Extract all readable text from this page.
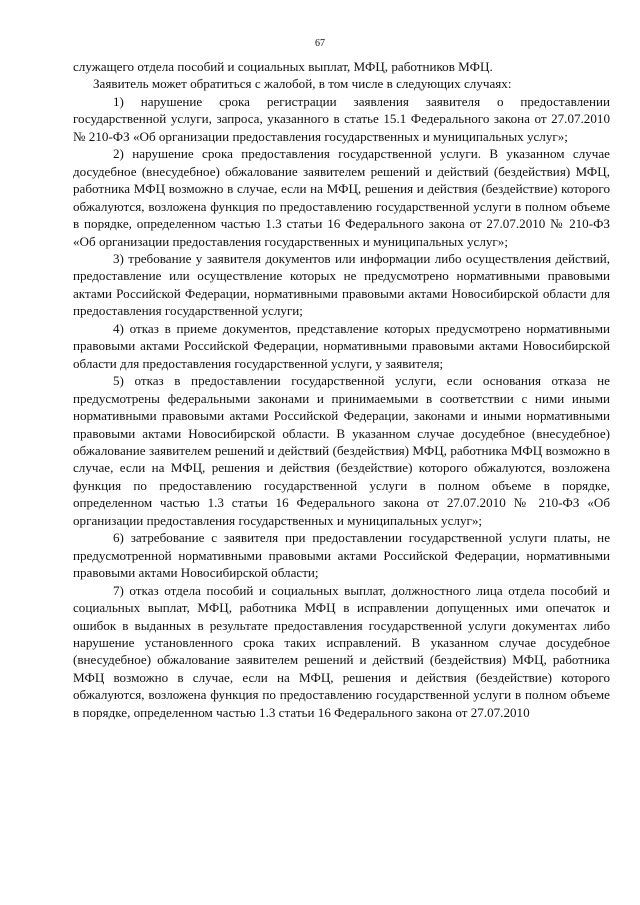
67

служащего отдела пособий и социальных выплат, МФЦ, работников МФЦ.

Заявитель может обратиться с жалобой, в том числе в следующих случаях:

1) нарушение срока регистрации заявления заявителя о предоставлении государственной услуги, запроса, указанного в статье 15.1 Федерального закона от 27.07.2010 № 210-ФЗ «Об организации предоставления государственных и муниципальных услуг»;

2) нарушение срока предоставления государственной услуги. В указанном случае досудебное (внесудебное) обжалование заявителем решений и действий (бездействия) МФЦ, работника МФЦ возможно в случае, если на МФЦ, решения и действия (бездействие) которого обжалуются, возложена функция по предоставлению государственной услуги в полном объеме в порядке, определенном частью 1.3 статьи 16 Федерального закона от 27.07.2010 № 210-ФЗ «Об организации предоставления государственных и муниципальных услуг»;

3) требование у заявителя документов или информации либо осуществления действий, предоставление или осуществление которых не предусмотрено нормативными правовыми актами Российской Федерации, нормативными правовыми актами Новосибирской области для предоставления государственной услуги;

4) отказ в приеме документов, представление которых предусмотрено нормативными правовыми актами Российской Федерации, нормативными правовыми актами Новосибирской области для предоставления государственной услуги, у заявителя;

5) отказ в предоставлении государственной услуги, если основания отказа не предусмотрены федеральными законами и принимаемыми в соответствии с ними иными нормативными правовыми актами Российской Федерации, законами и иными нормативными правовыми актами Новосибирской области. В указанном случае досудебное (внесудебное) обжалование заявителем решений и действий (бездействия) МФЦ, работника МФЦ возможно в случае, если на МФЦ, решения и действия (бездействие) которого обжалуются, возложена функция по предоставлению государственной услуги в полном объеме в порядке, определенном частью 1.3 статьи 16 Федерального закона от 27.07.2010 № 210-ФЗ «Об организации предоставления государственных и муниципальных услуг»;

6) затребование с заявителя при предоставлении государственной услуги платы, не предусмотренной нормативными правовыми актами Российской Федерации, нормативными правовыми актами Новосибирской области;

7) отказ отдела пособий и социальных выплат, должностного лица отдела пособий и социальных выплат, МФЦ, работника МФЦ в исправлении допущенных ими опечаток и ошибок в выданных в результате предоставления государственной услуги документах либо нарушение установленного срока таких исправлений. В указанном случае досудебное (внесудебное) обжалование заявителем решений и действий (бездействия) МФЦ, работника МФЦ возможно в случае, если на МФЦ, решения и действия (бездействие) которого обжалуются, возложена функция по предоставлению государственной услуги в полном объеме в порядке, определенном частью 1.3 статьи 16 Федерального закона от 27.07.2010
